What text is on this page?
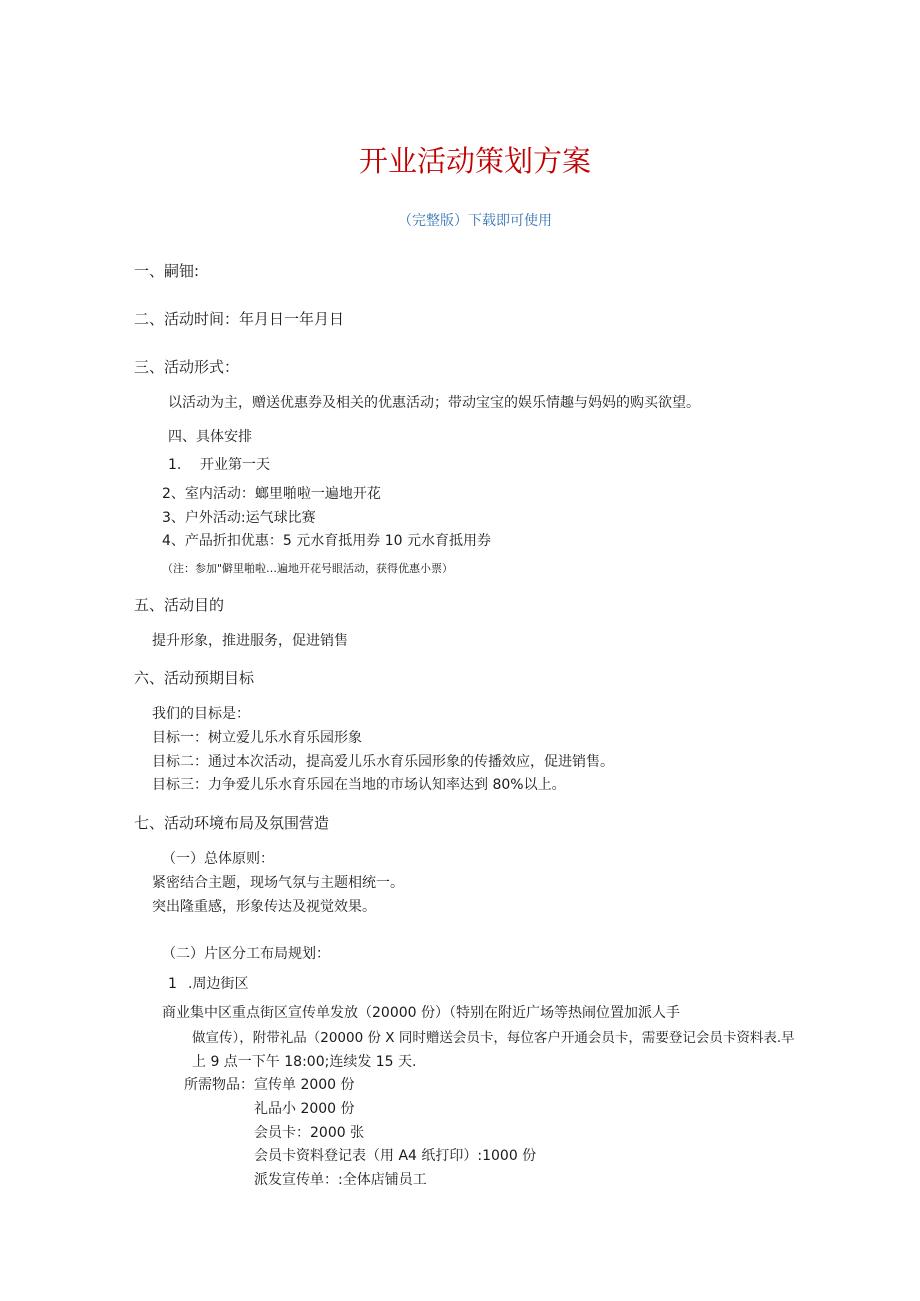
开业活动策划方案
（完整版）下载即可使用
一、嗣钿:
二、活动时间：年月日一年月日
三、活动形式：
以活动为主，赠送优惠券及相关的优惠活动；带动宝宝的娱乐情趣与妈妈的购买欲望。
四、具体安排
1. 开业第一天
2、室内活动：螂里啪啦一遍地开花
3、户外活动:运气球比赛
4、产品折扣优惠：5 元水育抵用券 10 元水育抵用券
（注：参加"僻里啪啦…遍地开花号眼活动，获得优惠小票）
五、活动目的
提升形象，推进服务，促进销售
六、活动预期目标
我们的目标是：
目标一：树立爱儿乐水育乐园形象
目标二：通过本次活动，提高爱儿乐水育乐园形象的传播效应，促进销售。
目标三：力争爱儿乐水育乐园在当地的市场认知率达到 80%以上。
七、活动环境布局及氛围营造
（一）总体原则：
紧密结合主题，现场气氛与主题相统一。
突出隆重感，形象传达及视觉效果。
（二）片区分工布局规划：
1 .周边街区
商业集中区重点街区宣传单发放（20000 份）（特别在附近广场等热闹位置加派人手
做宣传），附带礼品（20000 份 X 同时赠送会员卡，每位客户开通会员卡，需要登记会员卡资料表.早
上 9 点一下午 18:00;连续发 15 天.
所需物品： 宣传单 2000 份
礼品小 2000 份
会员卡：2000 张
会员卡资料登记表（用 A4 纸打印）:1000 份
派发宣传单：:全体店铺员工
